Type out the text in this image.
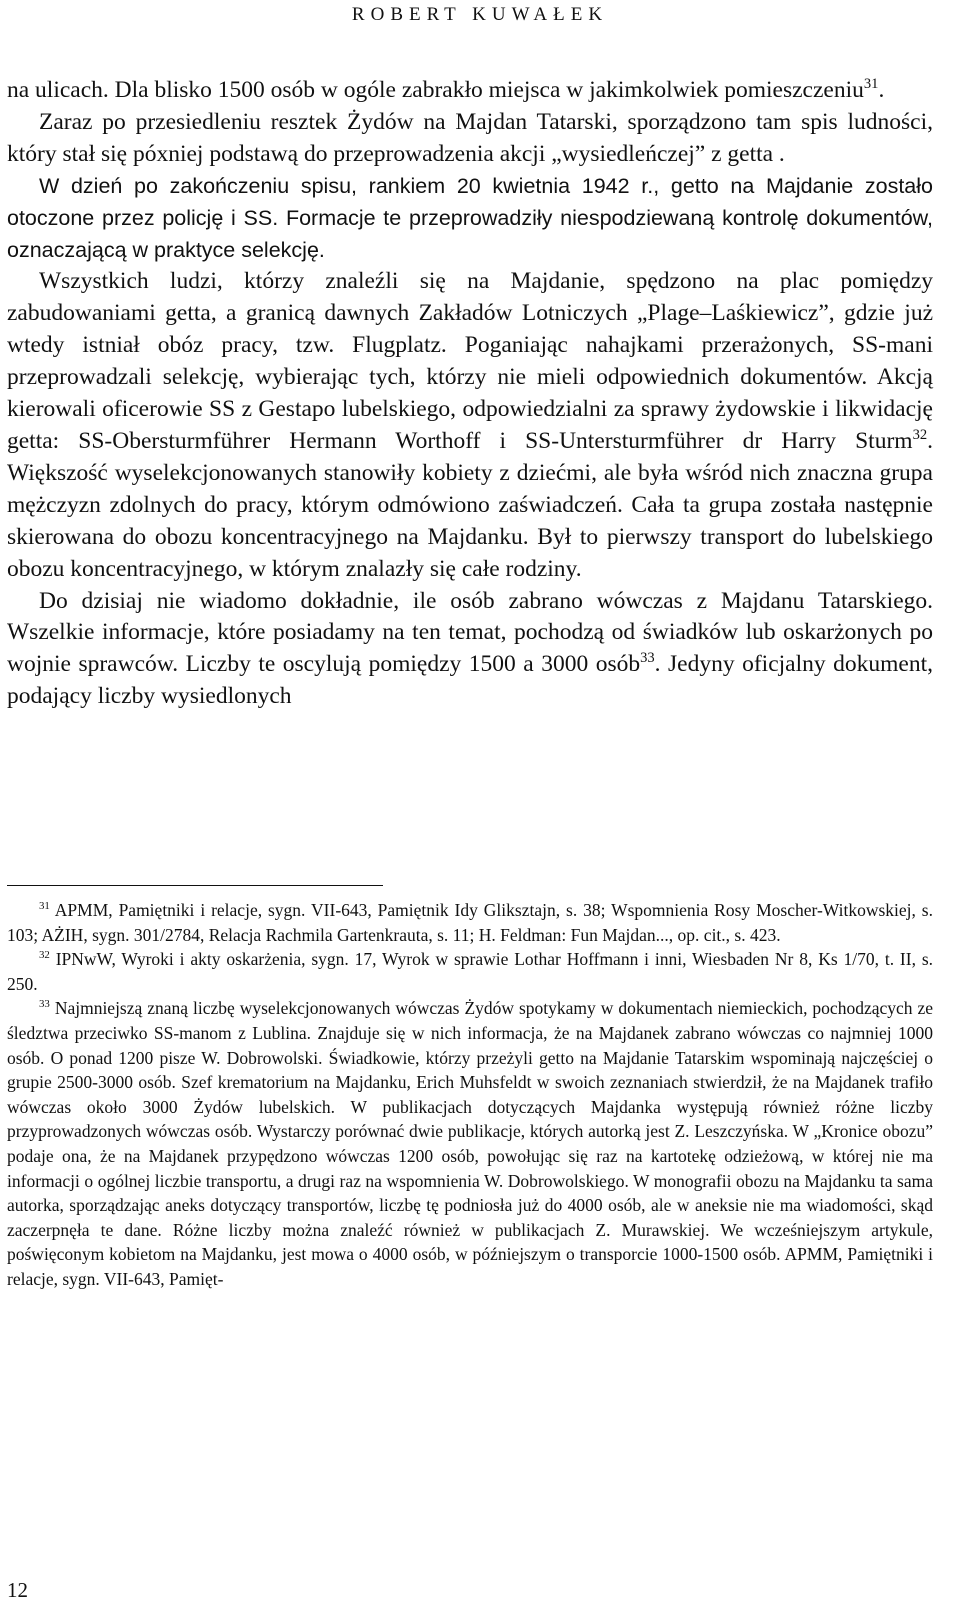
ROBERT KUWAŁEK

na ulicach. Dla blisko 1500 osób w ogóle zabrakło miejsca w jakimkolwiek pomieszczeniu$^{31}$.

Zaraz po przesiedleniu resztek Żydów na Majdan Tatarski, sporządzono tam spis ludności, który stał się póxniej podstawą do przeprowadzenia akcji „wysiedleńczej” z getta .

W dzień po zakończeniu spisu, rankiem 20 kwietnia 1942 r., getto na Majdanie zostało otoczone przez policję i SS. Formacje te przeprowadziły niespodziewaną kontrolę dokumentów, oznaczającą w praktyce selekcję.

Wszystkich ludzi, którzy znaleźli się na Majdanie, spędzono na plac pomiędzy zabudowaniami getta, a granicą dawnych Zakładów Lotniczych „Plage–Laśkiewicz”, gdzie już wtedy istniał obóz pracy, tzw. Flugplatz. Poganiając nahajkami przerażonych, SS-mani przeprowadzali selekcję, wybierając tych, którzy nie mieli odpowiednich dokumentów. Akcją kierowali oficerowie SS z Gestapo lubelskiego, odpowiedzialni za sprawy żydowskie i likwidację getta: SS-Obersturmführer Hermann Worthoff i SS-Untersturmführer dr Harry Sturm$^{32}$. Większość wyselekcjonowanych stanowiły kobiety z dziećmi, ale była wśród nich znaczna grupa mężczyzn zdolnych do pracy, którym odmówiono zaświadczeń. Cała ta grupa została następnie skierowana do obozu koncentracyjnego na Majdanku. Był to pierwszy transport do lubelskiego obozu koncentracyjnego, w którym znalazły się całe rodziny.

Do dzisiaj nie wiadomo dokładnie, ile osób zabrano wówczas z Majdanu Tatarskiego. Wszelkie informacje, które posiadamy na ten temat, pochodzą od świadków lub oskarżonych po wojnie sprawców. Liczby te oscylują pomiędzy 1500 a 3000 osób$^{33}$. Jedyny oficjalny dokument, podający liczby wysiedlonych

$^{31}$ APMM, Pamiętniki i relacje, sygn. VII-643, Pamiętnik Idy Gliksztajn, s. 38; Wspomnienia Rosy Moscher-Witkowskiej, s. 103; AŻIH, sygn. 301/2784, Relacja Rachmila Gartenkrauta, s. 11; H. Feldman: Fun Majdan..., op. cit., s. 423.

$^{32}$ IPNwW, Wyroki i akty oskarżenia, sygn. 17, Wyrok w sprawie Lothar Hoffmann i inni, Wiesbaden Nr 8, Ks 1/70, t. II, s. 250.

$^{33}$ Najmniejszą znaną liczbę wyselekcjonowanych wówczas Żydów spotykamy w dokumentach niemieckich, pochodzących ze śledztwa przeciwko SS-manom z Lublina. Znajduje się w nich informacja, że na Majdanek zabrano wówczas co najmniej 1000 osób. O ponad 1200 pisze W. Dobrowolski. Świadkowie, którzy przeżyli getto na Majdanie Tatarskim wspominają najczęściej o grupie 2500-3000 osób. Szef krematorium na Majdanku, Erich Muhsfeldt w swoich zeznaniach stwierdził, że na Majdanek trafiło wówczas około 3000 Żydów lubelskich. W publikacjach dotyczących Majdanka występują również różne liczby przyprowadzonych wówczas osób. Wystarczy porównać dwie publikacje, których autorką jest Z. Leszczyńska. W „Kronice obozu” podaje ona, że na Majdanek przypędzono wówczas 1200 osób, powołując się raz na kartotekę odzieżową, w której nie ma informacji o ogólnej liczbie transportu, a drugi raz na wspomnienia W. Dobrowolskiego. W monografii obozu na Majdanku ta sama autorka, sporządzając aneks dotyczący transportów, liczbę tę podniosła już do 4000 osób, ale w aneksie nie ma wiadomości, skąd zaczerpnęła te dane. Różne liczby można znaleźć również w publikacjach Z. Murawskiej. We wcześniejszym artykule, poświęconym kobietom na Majdanku, jest mowa o 4000 osób, w późniejszym o transporcie 1000-1500 osób. APMM, Pamiętniki i relacje, sygn. VII-643, Pamięt-

12
